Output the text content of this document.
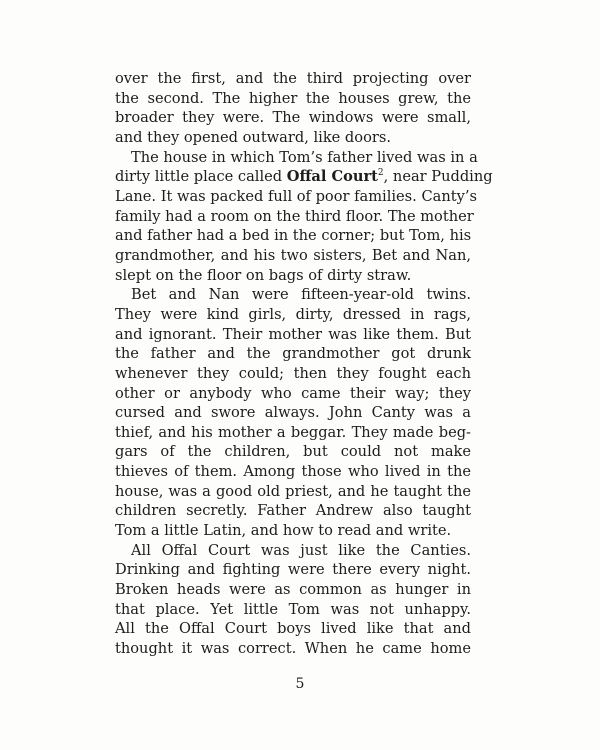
over the first, and the third projecting over
the second. The higher the houses grew, the
broader they were. The windows were small,
and they opened outward, like doors.
The house in which Tom’s father lived was in a
dirty little place called Offal Court$^2$, near Pudding
Lane. It was packed full of poor families. Canty’s
family had a room on the third floor. The mother
and father had a bed in the corner; but Tom, his
grandmother, and his two sisters, Bet and Nan,
slept on the floor on bags of dirty straw.
Bet and Nan were fifteen-year-old twins.
They were kind girls, dirty, dressed in rags,
and ignorant. Their mother was like them. But
the father and the grandmother got drunk
whenever they could; then they fought each
other or anybody who came their way; they
cursed and swore always. John Canty was a
thief, and his mother a beggar. They made beg-
gars of the children, but could not make
thieves of them. Among those who lived in the
house, was a good old priest, and he taught the
children secretly. Father Andrew also taught
Tom a little Latin, and how to read and write.
All Offal Court was just like the Canties.
Drinking and fighting were there every night.
Broken heads were as common as hunger in
that place. Yet little Tom was not unhappy.
All the Offal Court boys lived like that and
thought it was correct. When he came home
5
